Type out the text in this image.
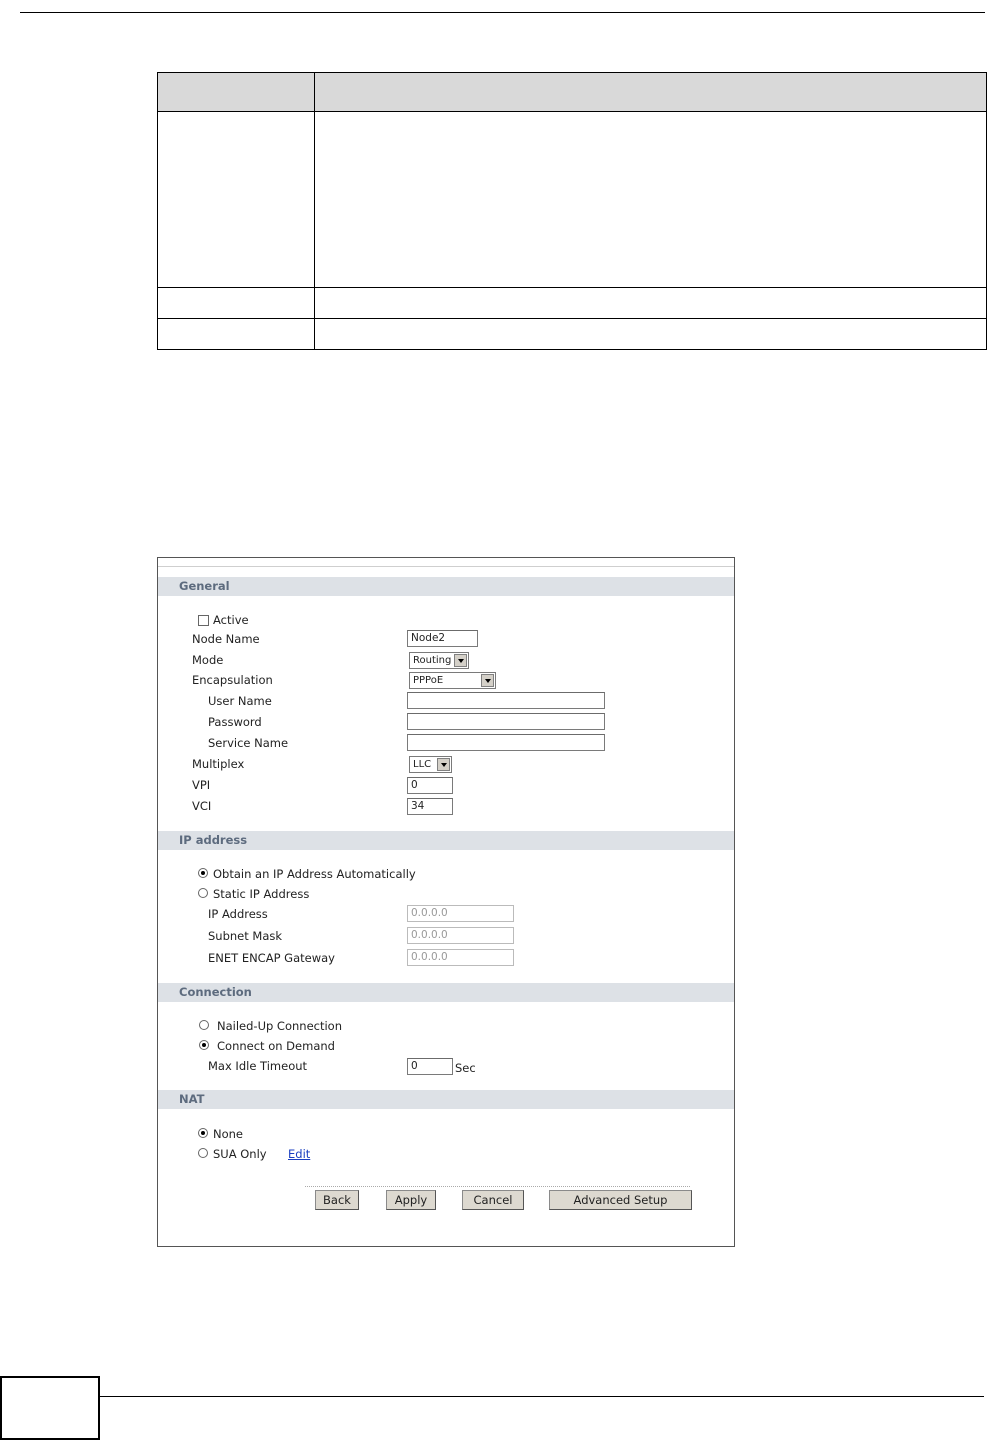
General
Active
Node Name	Node2
Mode	Routing
Encapsulation	PPPoE
User Name
Password
Service Name
Multiplex	LLC
VPI	0
VCI	34
IP address
Obtain an IP Address Automatically
Static IP Address
IP Address	0.0.0.0
Subnet Mask	0.0.0.0
ENET ENCAP Gateway	0.0.0.0
Connection
Nailed-Up Connection
Connect on Demand
Max Idle Timeout	0	Sec
NAT
None
SUA Only Edit
Back	Apply	Cancel	Advanced Setup
